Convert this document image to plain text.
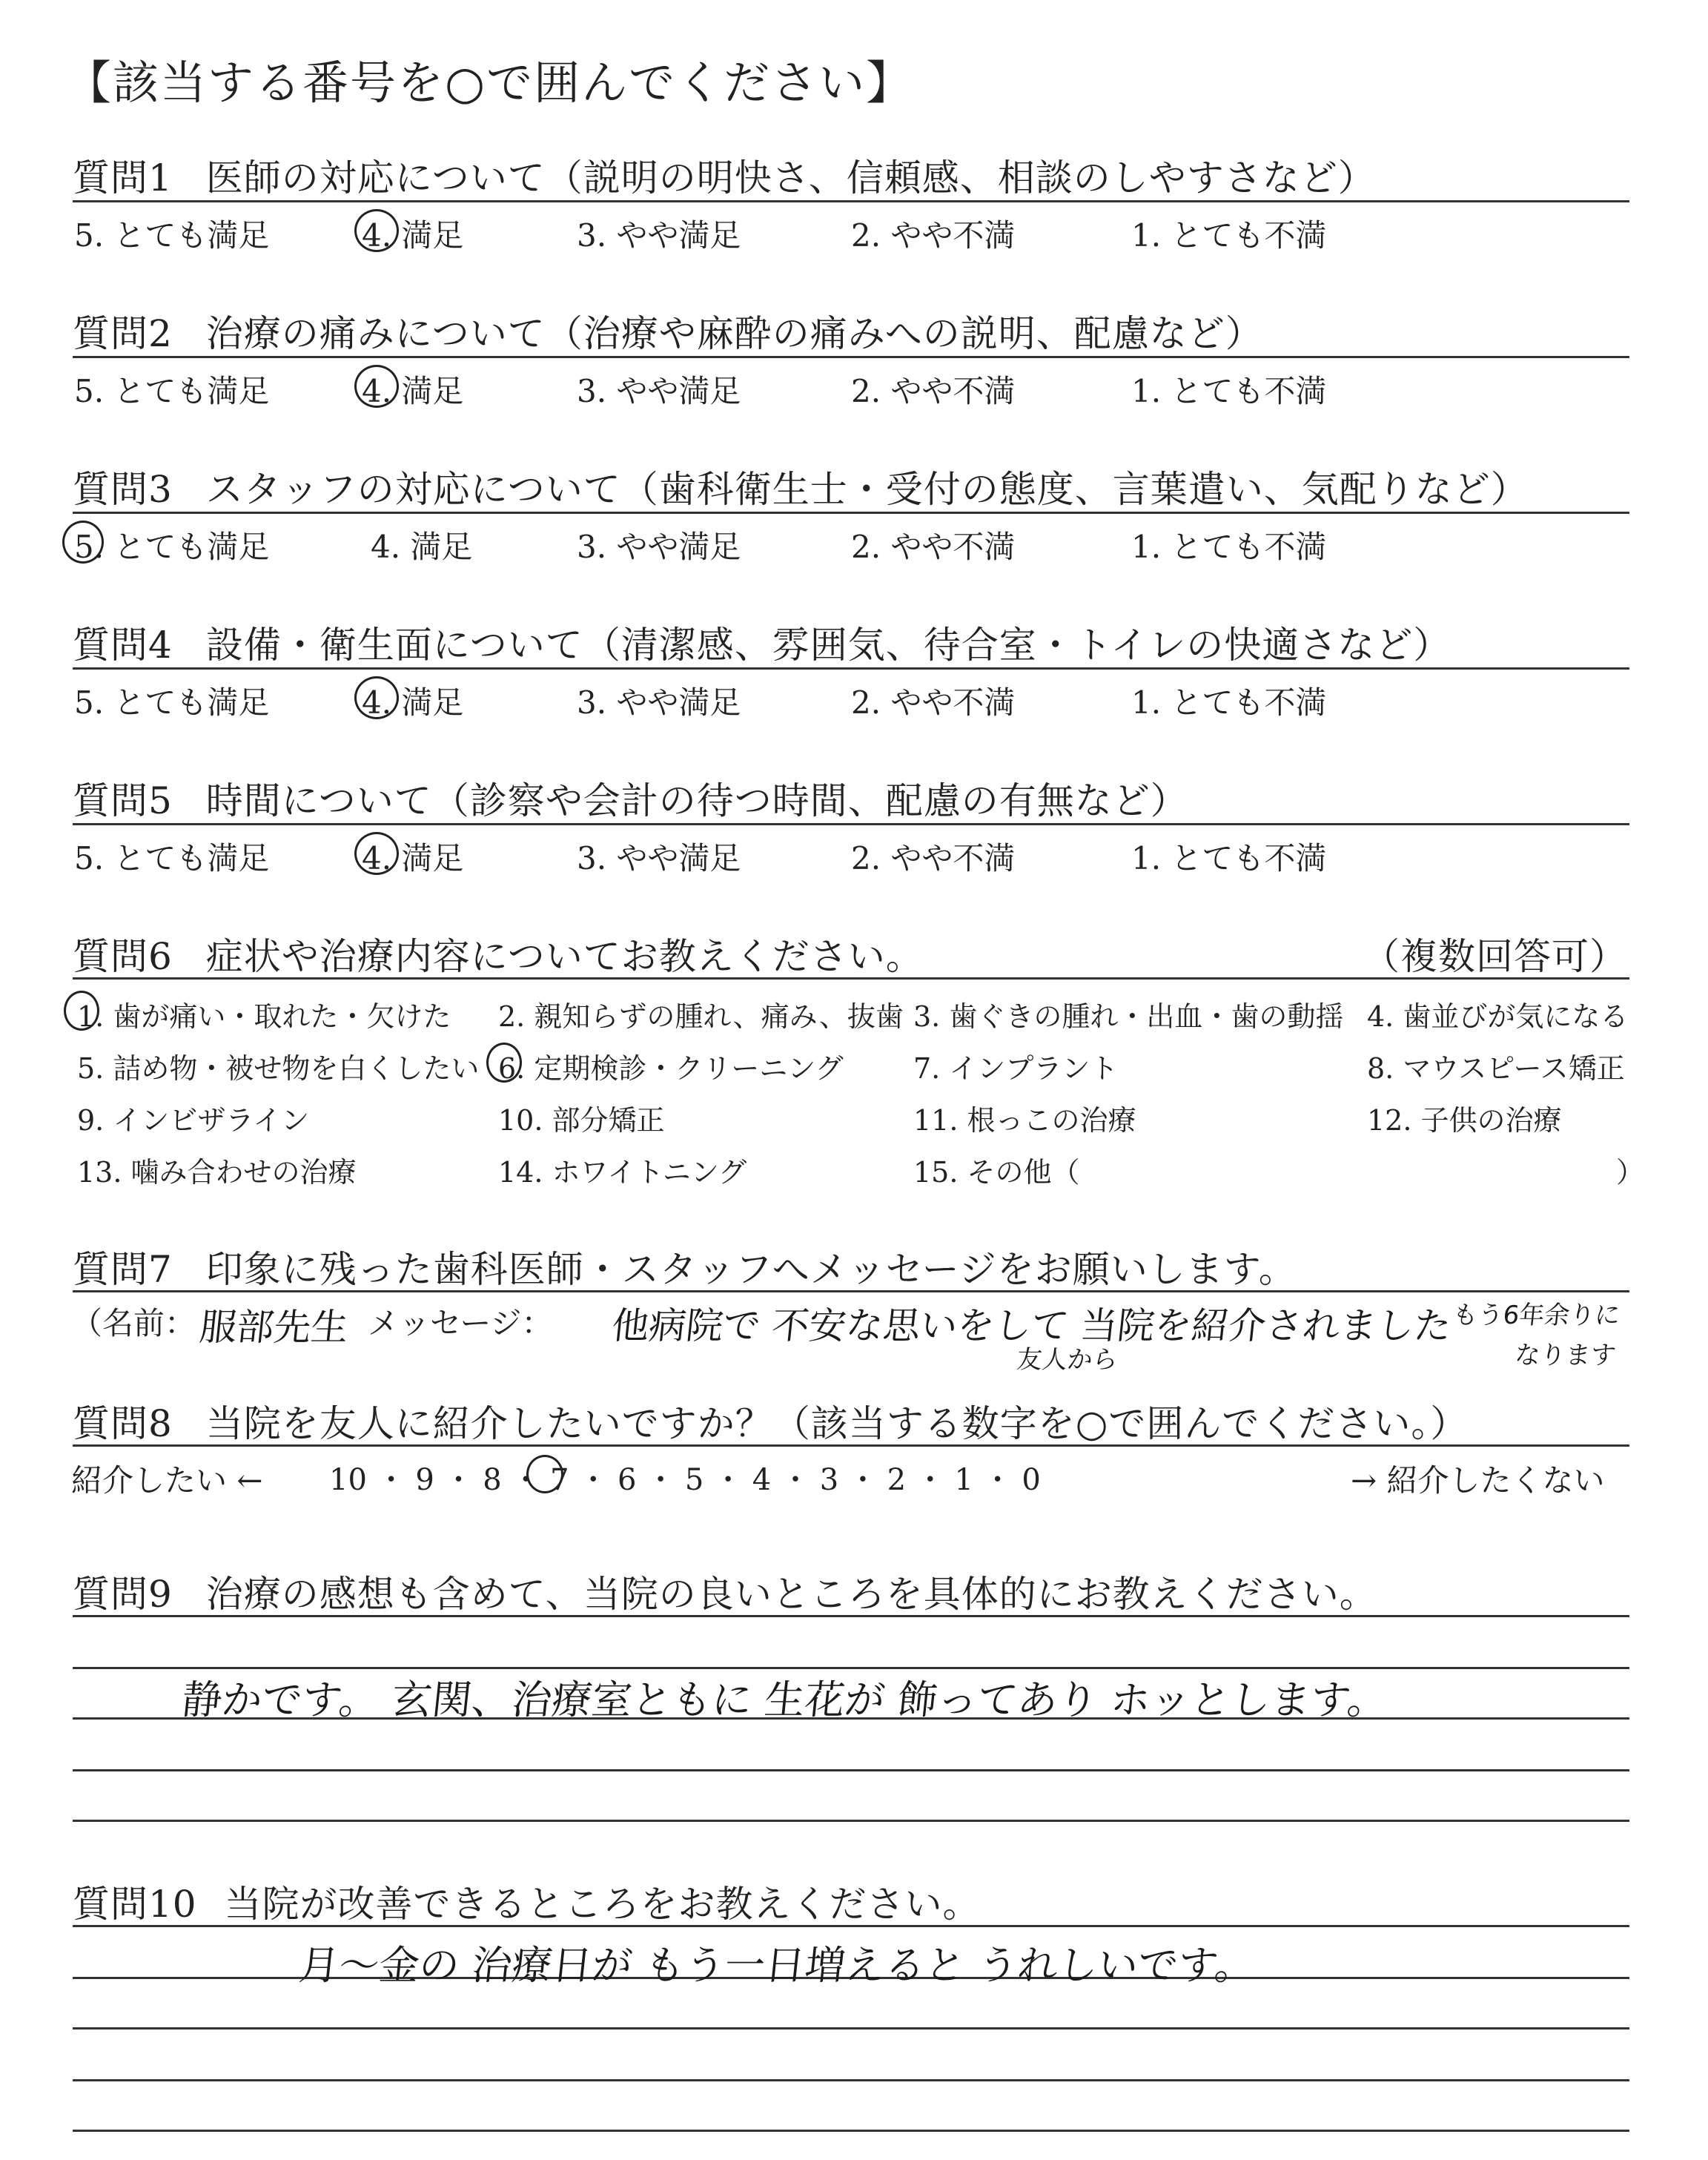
【該当する番号を○で囲んでください】
質問1 医師の対応について（説明の明快さ、信頼感、相談のしやすさなど）
5. とても満足	4. 満足	3. やや満足	2. やや不満	1. とても不満
質問2 治療の痛みについて（治療や麻酔の痛みへの説明、配慮など）
5. とても満足	4. 満足	3. やや満足	2. やや不満	1. とても不満
質問3 スタッフの対応について（歯科衛生士・受付の態度、言葉遣い、気配りなど）
5. とても満足	4. 満足	3. やや満足	2. やや不満	1. とても不満
質問4 設備・衛生面について（清潔感、雰囲気、待合室・トイレの快適さなど）
5. とても満足	4. 満足	3. やや満足	2. やや不満	1. とても不満
質問5 時間について（診察や会計の待つ時間、配慮の有無など）
5. とても満足	4. 満足	3. やや満足	2. やや不満	1. とても不満
質問6 症状や治療内容についてお教えください。	（複数回答可）
1. 歯が痛い・取れた・欠けた 2. 親知らずの腫れ、痛み、抜歯 3. 歯ぐきの腫れ・出血・歯の動揺 4. 歯並びが気になる
5. 詰め物・被せ物を白くしたい 6. 定期検診・クリーニング 7. インプラント	8. マウスピース矯正
9. インビザライン	10. 部分矯正	11. 根っこの治療	12. 子供の治療
13. 噛み合わせの治療	14. ホワイトニング	15. その他（	）
質問7 印象に残った歯科医師・スタッフへメッセージをお願いします。
（名前： 服部先生 メッセージ： 他病院で 不安な思いをして 当院を紹介されました
友人から
もう6年余りに
なります
質問8 当院を友人に紹介したいですか？（該当する数字を○で囲んでください。）
紹介したい ← 10 ・ 9 ・ 8 ・ 7 ・ 6 ・ 5 ・ 4 ・ 3 ・ 2 ・ 1 ・ 0	→ 紹介したくない
質問9 治療の感想も含めて、当院の良いところを具体的にお教えください。
静かです。 玄関、治療室ともに 生花が 飾ってあり ホッとします。
質問10 当院が改善できるところをお教えください。
月〜金の 治療日が もう一日増えると うれしいです。
